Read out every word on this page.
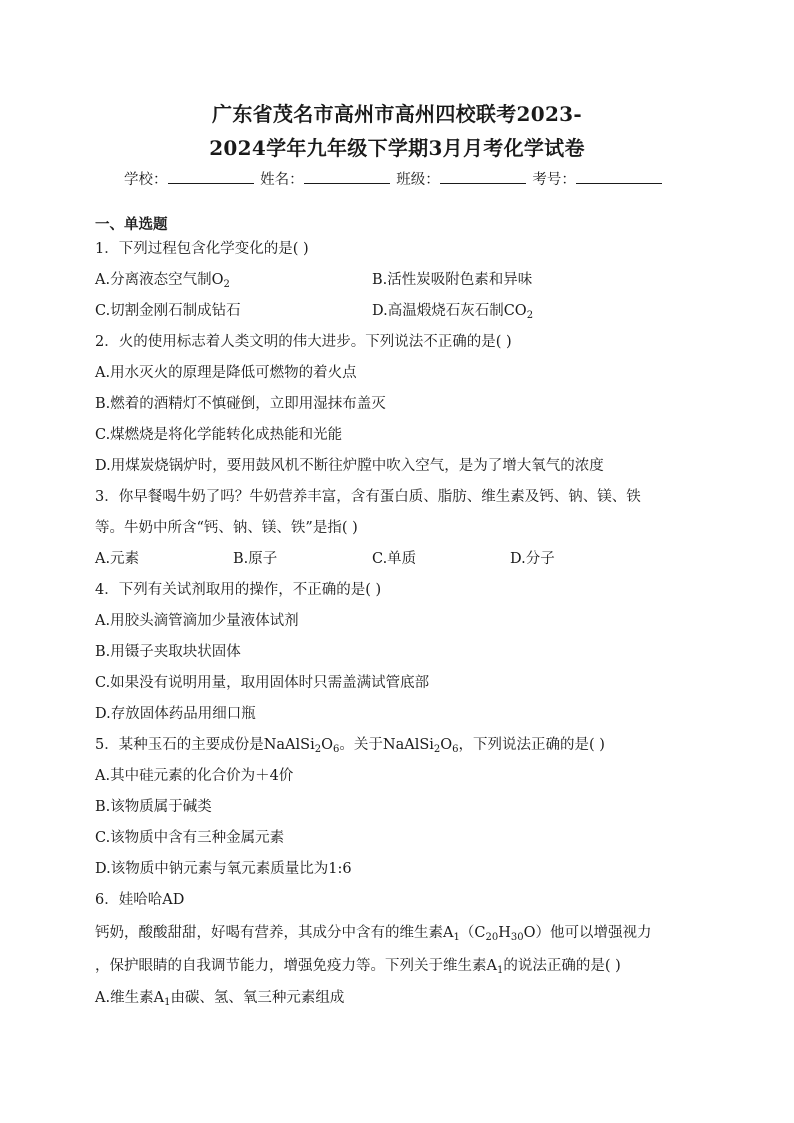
广东省茂名市高州市高州四校联考2023-
2024学年九年级下学期3月月考化学试卷
学校：	姓名：	班级：	考号：
一、单选题
1．下列过程包含化学变化的是( )
A.分离液态空气制$O_2$	B.活性炭吸附色素和异味
C.切割金刚石制成钻石	D.高温煅烧石灰石制$CO_2$
2．火的使用标志着人类文明的伟大进步。下列说法不正确的是( )
A.用水灭火的原理是降低可燃物的着火点
B.燃着的酒精灯不慎碰倒，立即用湿抹布盖灭
C.煤燃烧是将化学能转化成热能和光能
D.用煤炭烧锅炉时，要用鼓风机不断往炉膛中吹入空气，是为了增大氧气的浓度
3．你早餐喝牛奶了吗？牛奶营养丰富，含有蛋白质、脂肪、维生素及钙、钠、镁、铁
等。牛奶中所含“钙、钠、镁、铁”是指( )
A.元素	B.原子	C.单质	D.分子
4．下列有关试剂取用的操作，不正确的是( )
A.用胶头滴管滴加少量液体试剂
B.用镊子夹取块状固体
C.如果没有说明用量，取用固体时只需盖满试管底部
D.存放固体药品用细口瓶
5．某种玉石的主要成份是$NaAlSi_2O_6$。关于$NaAlSi_2O_6$，下列说法正确的是( )
A.其中硅元素的化合价为＋4价
B.该物质属于碱类
C.该物质中含有三种金属元素
D.该物质中钠元素与氧元素质量比为1:6
6．娃哈哈AD
钙奶，酸酸甜甜，好喝有营养，其成分中含有的维生素$A_1(C_{20}H_{30}O)$他可以增强视力
，保护眼睛的自我调节能力，增强免疫力等。下列关于维生素$A_1$的说法正确的是( )
A.维生素$A_1$由碳、氢、氧三种元素组成
